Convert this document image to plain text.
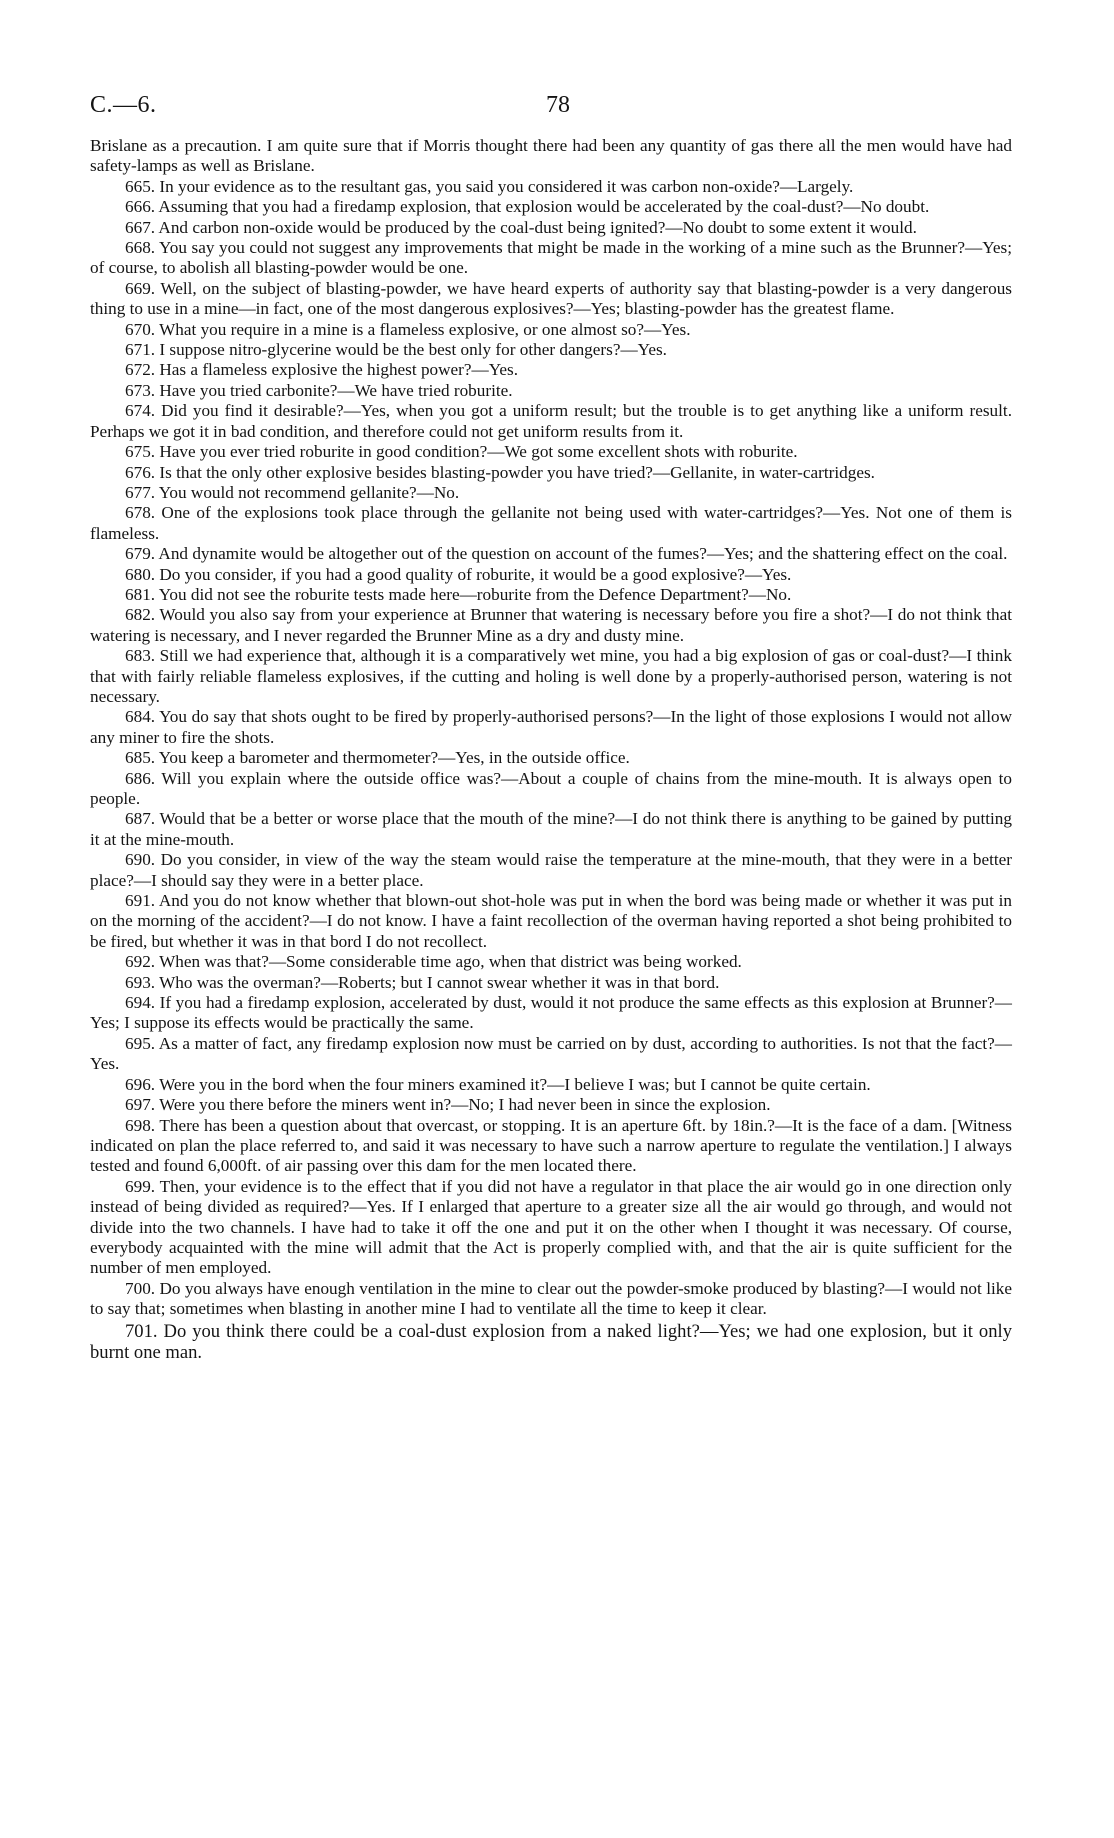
C.—6.	78

Brislane as a precaution. I am quite sure that if Morris thought there had been any quantity of gas there all the men would have had safety-lamps as well as Brislane.

665. In your evidence as to the resultant gas, you said you considered it was carbon non-oxide?—Largely.

666. Assuming that you had a firedamp explosion, that explosion would be accelerated by the coal-dust?—No doubt.

667. And carbon non-oxide would be produced by the coal-dust being ignited?—No doubt to some extent it would.

668. You say you could not suggest any improvements that might be made in the working of a mine such as the Brunner?—Yes; of course, to abolish all blasting-powder would be one.

669. Well, on the subject of blasting-powder, we have heard experts of authority say that blasting-powder is a very dangerous thing to use in a mine—in fact, one of the most dangerous explosives?—Yes; blasting-powder has the greatest flame.

670. What you require in a mine is a flameless explosive, or one almost so?—Yes.

671. I suppose nitro-glycerine would be the best only for other dangers?—Yes.

672. Has a flameless explosive the highest power?—Yes.

673. Have you tried carbonite?—We have tried roburite.

674. Did you find it desirable?—Yes, when you got a uniform result; but the trouble is to get anything like a uniform result. Perhaps we got it in bad condition, and therefore could not get uniform results from it.

675. Have you ever tried roburite in good condition?—We got some excellent shots with roburite.

676. Is that the only other explosive besides blasting-powder you have tried?—Gellanite, in water-cartridges.

677. You would not recommend gellanite?—No.

678. One of the explosions took place through the gellanite not being used with water-cartridges?—Yes. Not one of them is flameless.

679. And dynamite would be altogether out of the question on account of the fumes?—Yes; and the shattering effect on the coal.

680. Do you consider, if you had a good quality of roburite, it would be a good explosive?—Yes.

681. You did not see the roburite tests made here—roburite from the Defence Department?—No.

682. Would you also say from your experience at Brunner that watering is necessary before you fire a shot?—I do not think that watering is necessary, and I never regarded the Brunner Mine as a dry and dusty mine.

683. Still we had experience that, although it is a comparatively wet mine, you had a big explosion of gas or coal-dust?—I think that with fairly reliable flameless explosives, if the cutting and holing is well done by a properly-authorised person, watering is not necessary.

684. You do say that shots ought to be fired by properly-authorised persons?—In the light of those explosions I would not allow any miner to fire the shots.

685. You keep a barometer and thermometer?—Yes, in the outside office.

686. Will you explain where the outside office was?—About a couple of chains from the mine-mouth. It is always open to people.

687. Would that be a better or worse place that the mouth of the mine?—I do not think there is anything to be gained by putting it at the mine-mouth.

690. Do you consider, in view of the way the steam would raise the temperature at the mine-mouth, that they were in a better place?—I should say they were in a better place.

691. And you do not know whether that blown-out shot-hole was put in when the bord was being made or whether it was put in on the morning of the accident?—I do not know. I have a faint recollection of the overman having reported a shot being prohibited to be fired, but whether it was in that bord I do not recollect.

692. When was that?—Some considerable time ago, when that district was being worked.

693. Who was the overman?—Roberts; but I cannot swear whether it was in that bord.

694. If you had a firedamp explosion, accelerated by dust, would it not produce the same effects as this explosion at Brunner?—Yes; I suppose its effects would be practically the same.

695. As a matter of fact, any firedamp explosion now must be carried on by dust, according to authorities. Is not that the fact?—Yes.

696. Were you in the bord when the four miners examined it?—I believe I was; but I cannot be quite certain.

697. Were you there before the miners went in?—No; I had never been in since the explosion.

698. There has been a question about that overcast, or stopping. It is an aperture 6ft. by 18in.?—It is the face of a dam. [Witness indicated on plan the place referred to, and said it was necessary to have such a narrow aperture to regulate the ventilation.] I always tested and found 6,000ft. of air passing over this dam for the men located there.

699. Then, your evidence is to the effect that if you did not have a regulator in that place the air would go in one direction only instead of being divided as required?—Yes. If I enlarged that aperture to a greater size all the air would go through, and would not divide into the two channels. I have had to take it off the one and put it on the other when I thought it was necessary. Of course, everybody acquainted with the mine will admit that the Act is properly complied with, and that the air is quite sufficient for the number of men employed.

700. Do you always have enough ventilation in the mine to clear out the powder-smoke produced by blasting?—I would not like to say that; sometimes when blasting in another mine I had to ventilate all the time to keep it clear.

701. Do you think there could be a coal-dust explosion from a naked light?—Yes; we had one explosion, but it only burnt one man.
